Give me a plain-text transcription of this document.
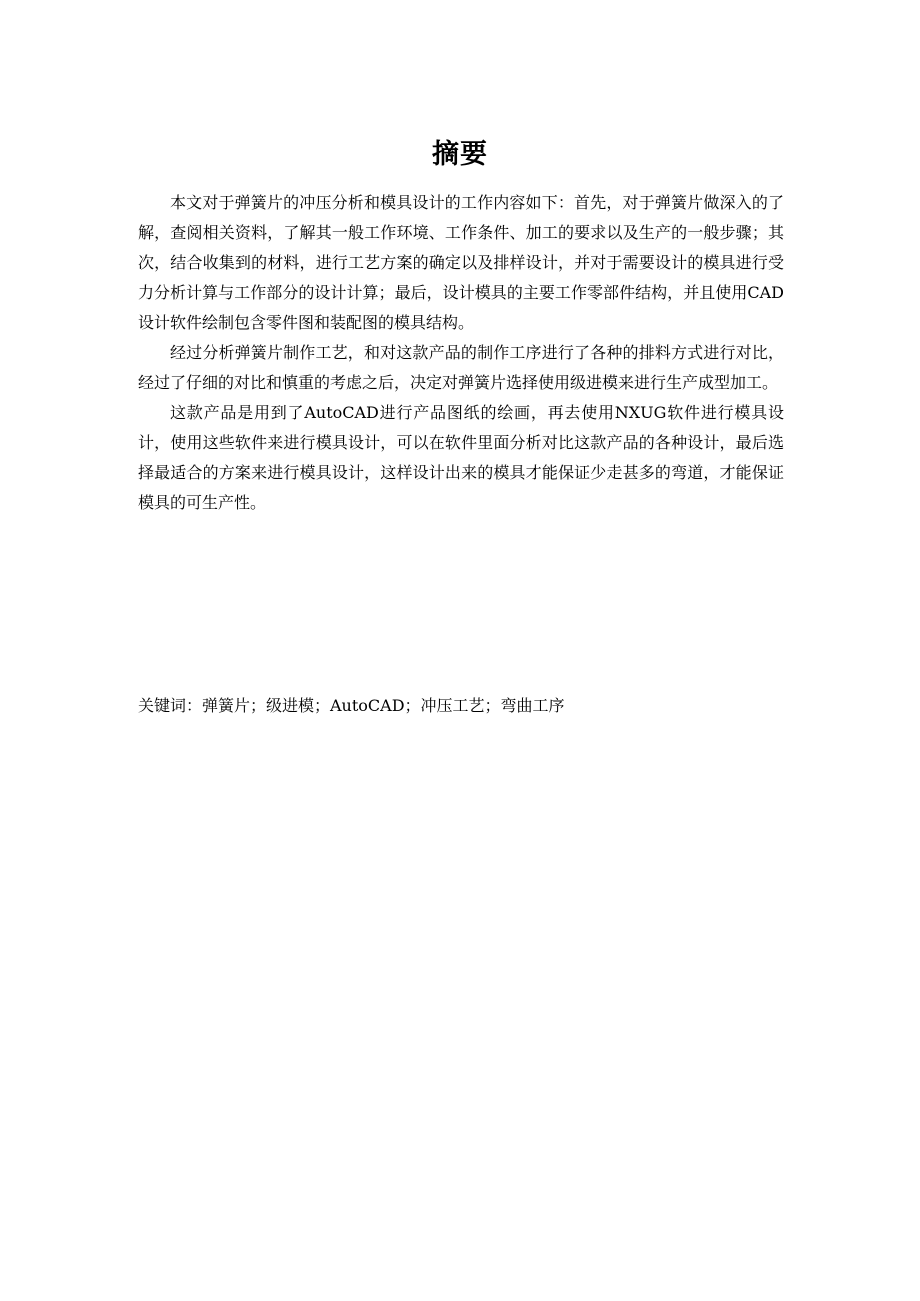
摘要

本文对于弹簧片的冲压分析和模具设计的工作内容如下：首先，对于弹簧片做深入的了解，查阅相关资料，了解其一般工作环境、工作条件、加工的要求以及生产的一般步骤；其次，结合收集到的材料，进行工艺方案的确定以及排样设计，并对于需要设计的模具进行受力分析计算与工作部分的设计计算；最后，设计模具的主要工作零部件结构，并且使用CAD设计软件绘制包含零件图和装配图的模具结构。

经过分析弹簧片制作工艺，和对这款产品的制作工序进行了各种的排料方式进行对比，经过了仔细的对比和慎重的考虑之后，决定对弹簧片选择使用级进模来进行生产成型加工。

这款产品是用到了AutoCAD进行产品图纸的绘画，再去使用NXUG软件进行模具设计，使用这些软件来进行模具设计，可以在软件里面分析对比这款产品的各种设计，最后选择最适合的方案来进行模具设计，这样设计出来的模具才能保证少走甚多的弯道，才能保证模具的可生产性。

关键词：弹簧片；级进模；AutoCAD；冲压工艺；弯曲工序
